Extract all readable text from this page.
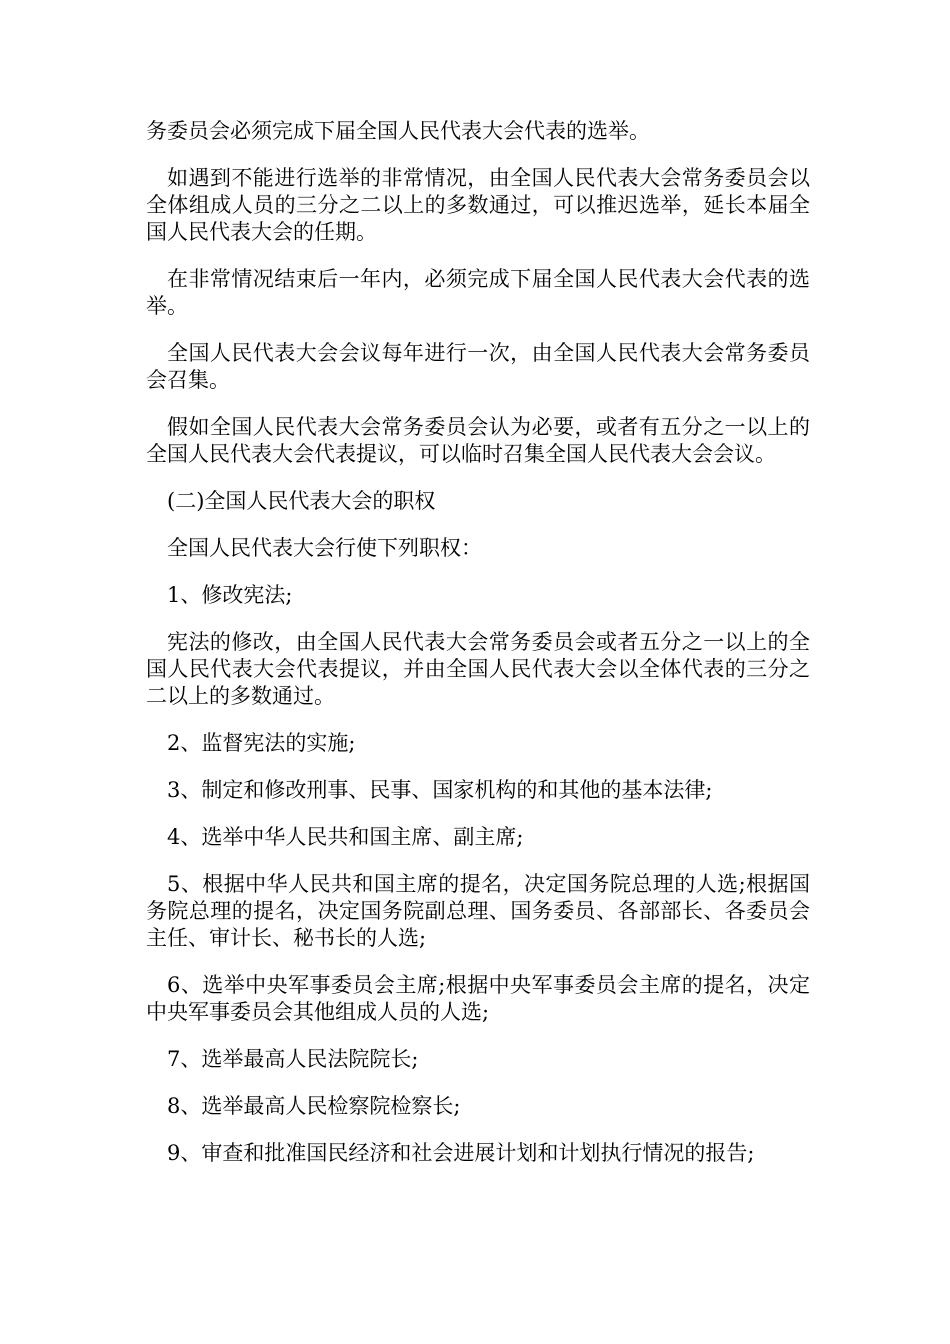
务委员会必须完成下届全国人民代表大会代表的选举。

如遇到不能进行选举的非常情况，由全国人民代表大会常务委员会以全体组成人员的三分之二以上的多数通过，可以推迟选举，延长本届全国人民代表大会的任期。

在非常情况结束后一年内，必须完成下届全国人民代表大会代表的选举。

全国人民代表大会会议每年进行一次，由全国人民代表大会常务委员会召集。

假如全国人民代表大会常务委员会认为必要，或者有五分之一以上的全国人民代表大会代表提议，可以临时召集全国人民代表大会会议。

(二)全国人民代表大会的职权

全国人民代表大会行使下列职权：

1、修改宪法;

宪法的修改，由全国人民代表大会常务委员会或者五分之一以上的全国人民代表大会代表提议，并由全国人民代表大会以全体代表的三分之二以上的多数通过。

2、监督宪法的实施;

3、制定和修改刑事、民事、国家机构的和其他的基本法律;

4、选举中华人民共和国主席、副主席;

5、根据中华人民共和国主席的提名，决定国务院总理的人选;根据国务院总理的提名，决定国务院副总理、国务委员、各部部长、各委员会主任、审计长、秘书长的人选;

6、选举中央军事委员会主席;根据中央军事委员会主席的提名，决定中央军事委员会其他组成人员的人选;

7、选举最高人民法院院长;

8、选举最高人民检察院检察长;

9、审查和批准国民经济和社会进展计划和计划执行情况的报告;
